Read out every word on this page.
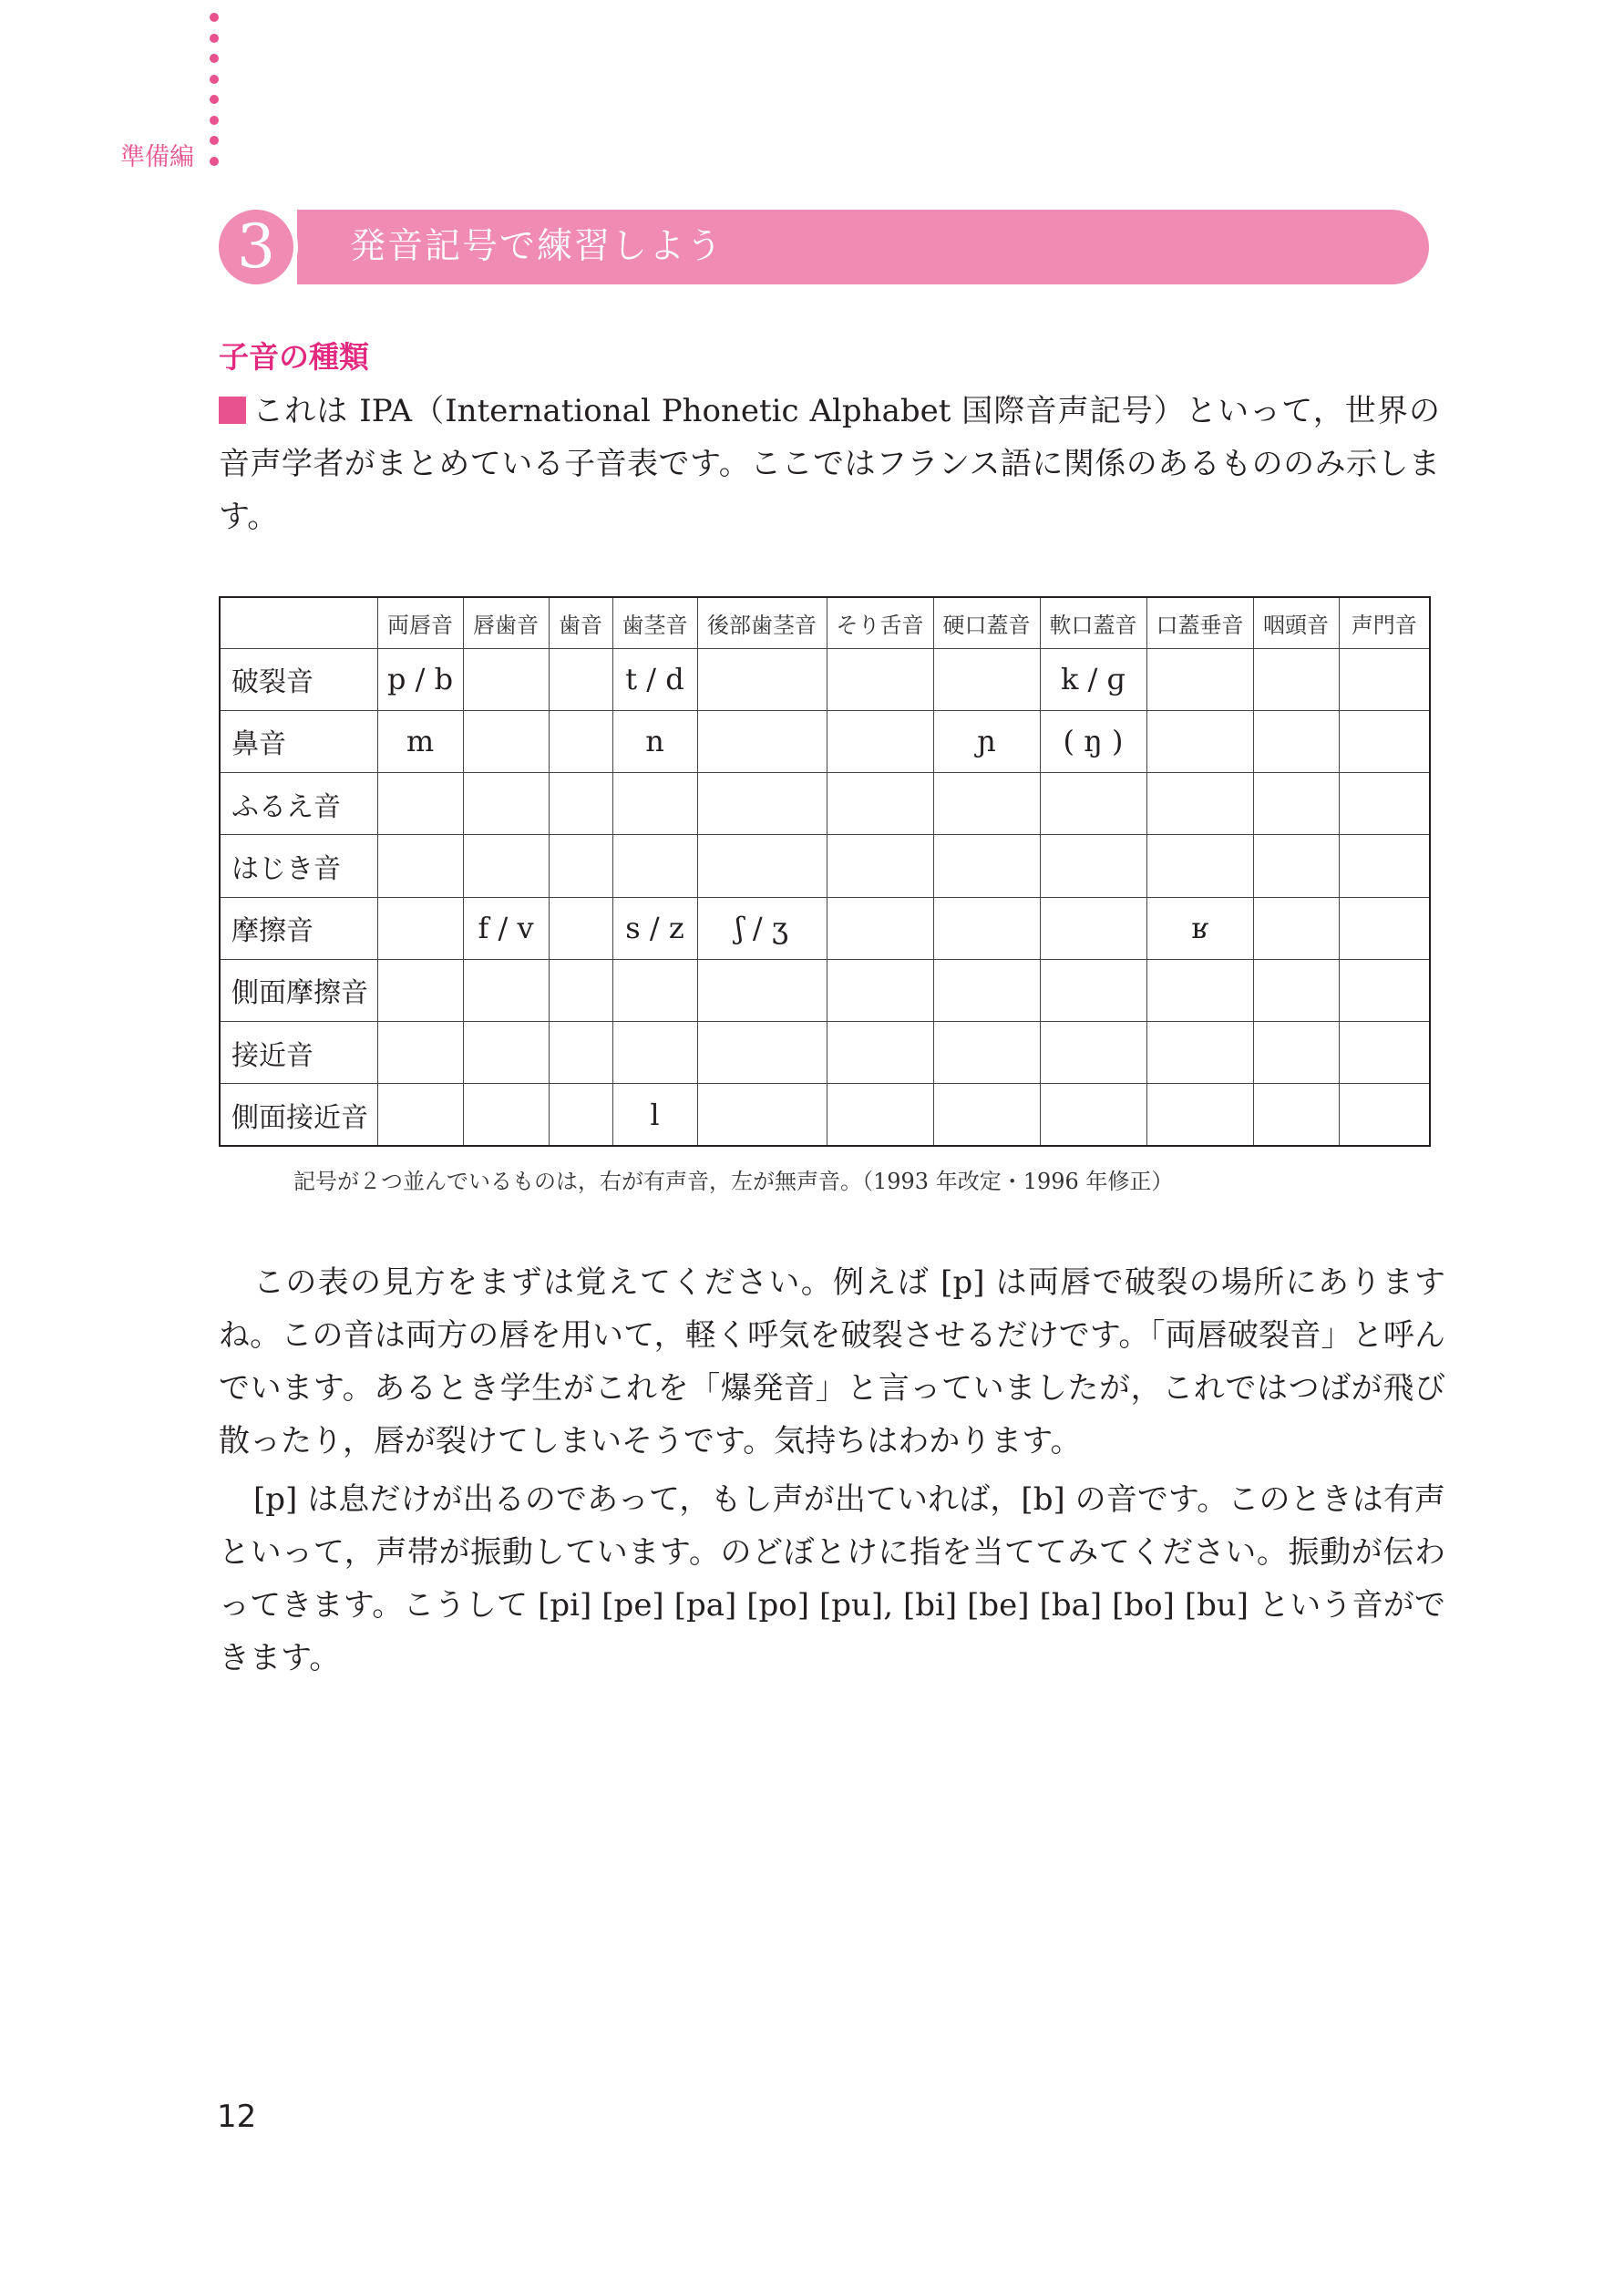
準備編
3	発音記号で練習しよう
子音の種類
これは IPA（International Phonetic Alphabet 国際音声記号）といって，世界の音声学者がまとめている子音表です。ここではフランス語に関係のあるもののみ示します。
	両唇音	唇歯音	歯音	歯茎音	後部歯茎音	そり舌音	硬口蓋音	軟口蓋音	口蓋垂音	咽頭音	声門音
破裂音	p / b			t / d				k / ɡ			
鼻音	m			n			ɲ	( ŋ )			
ふるえ音											
はじき音											
摩擦音		f / v		s / z	ʃ / ʒ				ʁ		
側面摩擦音											
接近音											
側面接近音				l							
記号が２つ並んでいるものは，右が有声音，左が無声音。（1993 年改定・1996 年修正）

この表の見方をまずは覚えてください。例えば [p] は両唇で破裂の場所にありますね。この音は両方の唇を用いて，軽く呼気を破裂させるだけです。「両唇破裂音」と呼んでいます。あるとき学生がこれを「爆発音」と言っていましたが，これではつばが飛び散ったり，唇が裂けてしまいそうです。気持ちはわかります。

[p] は息だけが出るのであって，もし声が出ていれば，[b] の音です。このときは有声といって，声帯が振動しています。のどぼとけに指を当ててみてください。振動が伝わってきます。こうして [pi] [pe] [pa] [po] [pu], [bi] [be] [ba] [bo] [bu] という音ができます。

12
